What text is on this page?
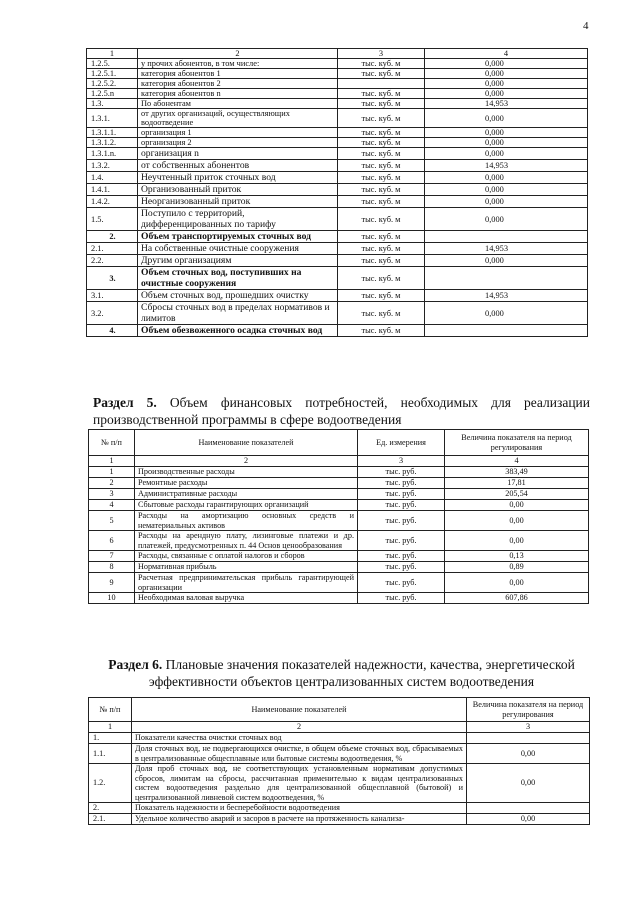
4
1	2	3	4
1.2.5.	у прочих абонентов, в том числе:	тыс. куб. м	0,000
1.2.5.1.	категория абонентов 1	тыс. куб. м	0,000
1.2.5.2.	категория абонентов 2		0,000
1.2.5.n	категория абонентов n	тыс. куб. м	0,000
1.3.	По абонентам	тыс. куб. м	14,953
1.3.1.	от других организаций, осуществляющих водоотведение	тыс. куб. м	0,000
1.3.1.1.	организация 1	тыс. куб. м	0,000
1.3.1.2.	организация 2	тыс. куб. м	0,000
1.3.1.n.	организация n	тыс. куб. м	0,000
1.3.2.	от собственных абонентов	тыс. куб. м	14,953
1.4.	Неучтенный приток сточных вод	тыс. куб. м	0,000
1.4.1.	Организованный приток	тыс. куб. м	0,000
1.4.2.	Неорганизованный приток	тыс. куб. м	0,000
1.5.	Поступило с территорий, дифференцированных по тарифу	тыс. куб. м	0,000
2.	Объем транспортируемых сточных вод	тыс. куб. м	
2.1.	На собственные очистные сооружения	тыс. куб. м	14,953
2.2.	Другим организациям	тыс. куб. м	0,000
3.	Объем сточных вод, поступивших на очистные сооружения	тыс. куб. м	
3.1.	Объем сточных вод, прошедших очистку	тыс. куб. м	14,953
3.2.	Сбросы сточных вод в пределах нормативов и лимитов	тыс. куб. м	0,000
4.	Объем обезвоженного осадка сточных вод	тыс. куб. м	
Раздел 5. Объем финансовых потребностей, необходимых для реализации производственной программы в сфере водоотведения
№ п/п	Наименование показателей	Ед. измерения	Величина показателя на период регулирования
1	2	3	4
1	Производственные расходы	тыс. руб.	383,49
2	Ремонтные расходы	тыс. руб.	17,81
3	Административные расходы	тыс. руб.	205,54
4	Сбытовые расходы гарантирующих организаций	тыс. руб.	0,00
5	Расходы на амортизацию основных средств и нематериальных активов	тыс. руб.	0,00
6	Расходы на арендную плату, лизинговые платежи и др. платежей, предусмотренных п. 44 Основ ценообразования	тыс. руб.	0,00
7	Расходы, связанные с оплатой налогов и сборов	тыс. руб.	0,13
8	Нормативная прибыль	тыс. руб.	0,89
9	Расчетная предпринимательская прибыль гарантирующей организации	тыс. руб.	0,00
10	Необходимая валовая выручка	тыс. руб.	607,86
Раздел 6. Плановые значения показателей надежности, качества, энергетической эффективности объектов централизованных систем водоотведения
№ п/п	Наименование показателей	Величина показателя на период регулирования
1	2	3
1.	Показатели качества очистки сточных вод	
1.1.	Доля сточных вод, не подвергающихся очистке, в общем объеме сточных вод, сбрасываемых в централизованные общесплавные или бытовые системы водоотведения, %	0,00
1.2.	Доля проб сточных вод, не соответствующих установленным нормативам допустимых сбросов, лимитам на сбросы, рассчитанная применительно к видам централизованных систем водоотведения раздельно для централизованной общесплавной (бытовой) и централизованной ливневой систем водоотведения, %	0,00
2.	Показатель надежности и бесперебойности водоотведения	
2.1.	Удельное количество аварий и засоров в расчете на протяженность канализа-	0,00
